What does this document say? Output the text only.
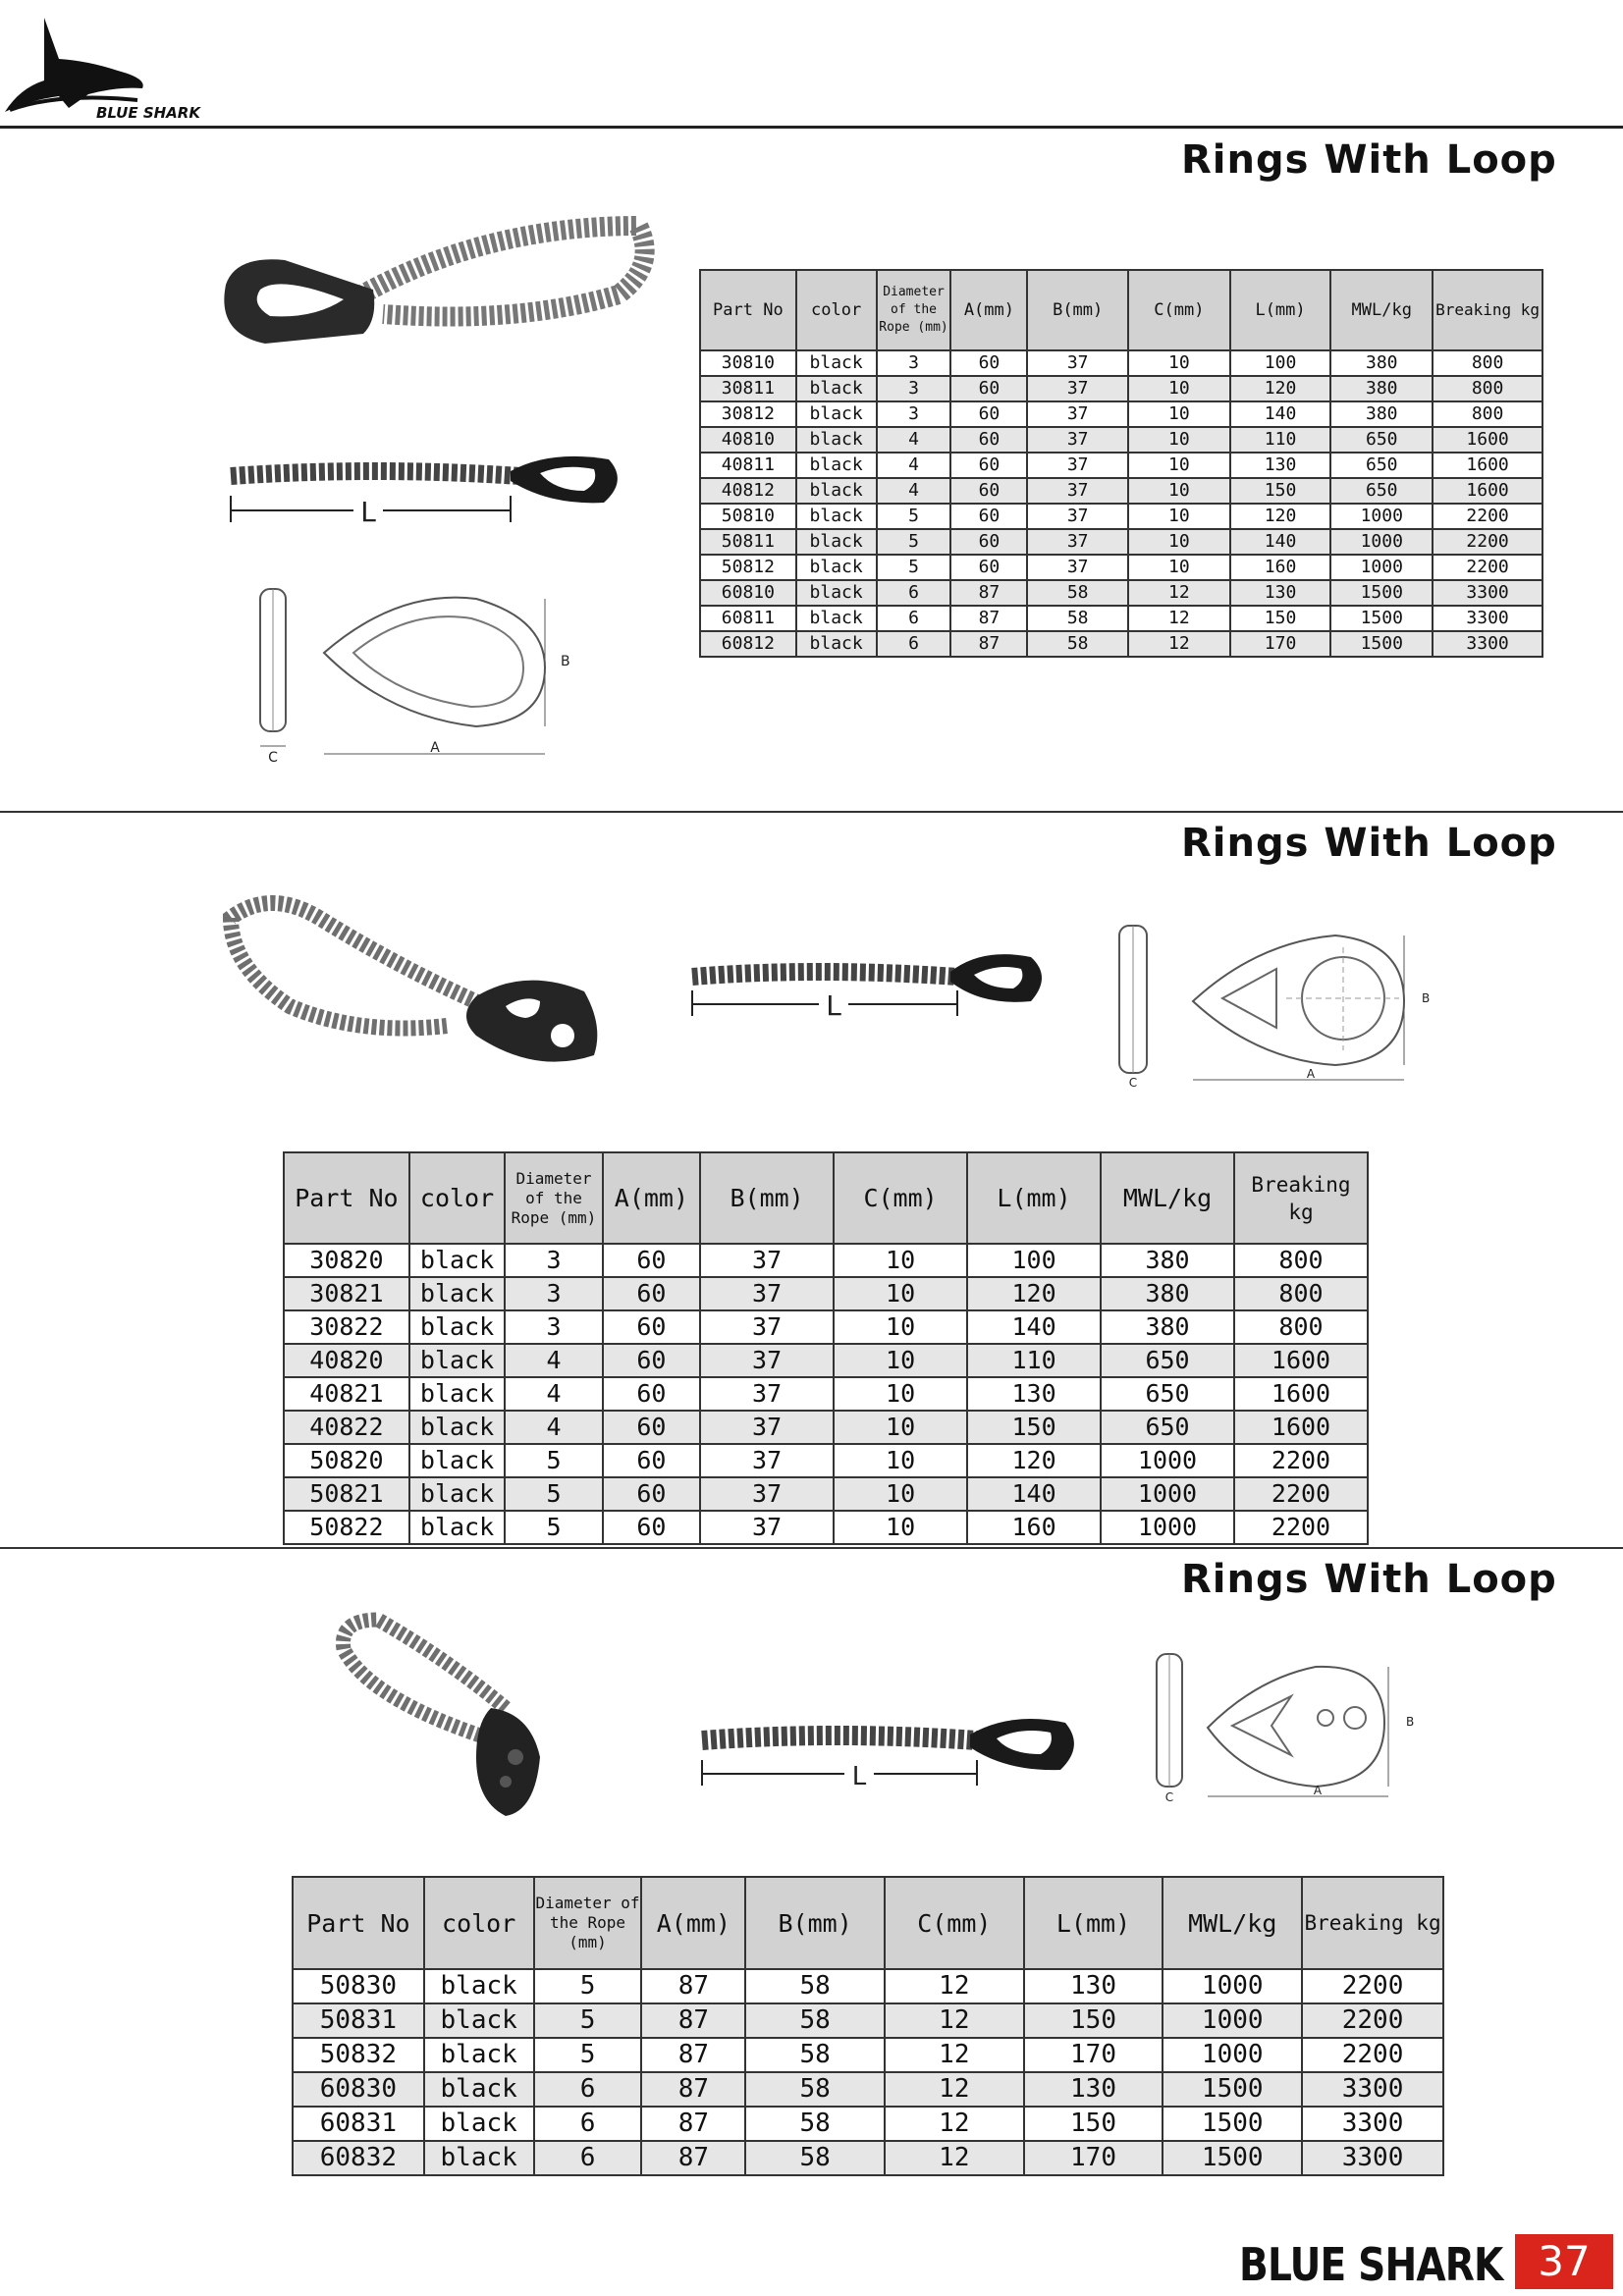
BLUE SHARK
Rings With Loop
L
C
B
A
Part No	color	Diameter of the Rope (mm)	A(mm)	B(mm)	C(mm)	L(mm)	MWL/kg	Breaking kg
30810	black	3	60	37	10	100	380	800
30811	black	3	60	37	10	120	380	800
30812	black	3	60	37	10	140	380	800
40810	black	4	60	37	10	110	650	1600
40811	black	4	60	37	10	130	650	1600
40812	black	4	60	37	10	150	650	1600
50810	black	5	60	37	10	120	1000	2200
50811	black	5	60	37	10	140	1000	2200
50812	black	5	60	37	10	160	1000	2200
60810	black	6	87	58	12	130	1500	3300
60811	black	6	87	58	12	150	1500	3300
60812	black	6	87	58	12	170	1500	3300
Rings With Loop
L
C
B
A
Part No	color	Diameter of the Rope (mm)	A(mm)	B(mm)	C(mm)	L(mm)	MWL/kg	Breaking kg
30820	black	3	60	37	10	100	380	800
30821	black	3	60	37	10	120	380	800
30822	black	3	60	37	10	140	380	800
40820	black	4	60	37	10	110	650	1600
40821	black	4	60	37	10	130	650	1600
40822	black	4	60	37	10	150	650	1600
50820	black	5	60	37	10	120	1000	2200
50821	black	5	60	37	10	140	1000	2200
50822	black	5	60	37	10	160	1000	2200
Rings With Loop
L
C
B
A
Part No	color	Diameter of the Rope (mm)	A(mm)	B(mm)	C(mm)	L(mm)	MWL/kg	Breaking kg
50830	black	5	87	58	12	130	1000	2200
50831	black	5	87	58	12	150	1000	2200
50832	black	5	87	58	12	170	1000	2200
60830	black	6	87	58	12	130	1500	3300
60831	black	6	87	58	12	150	1500	3300
60832	black	6	87	58	12	170	1500	3300
BLUE SHARK 37
